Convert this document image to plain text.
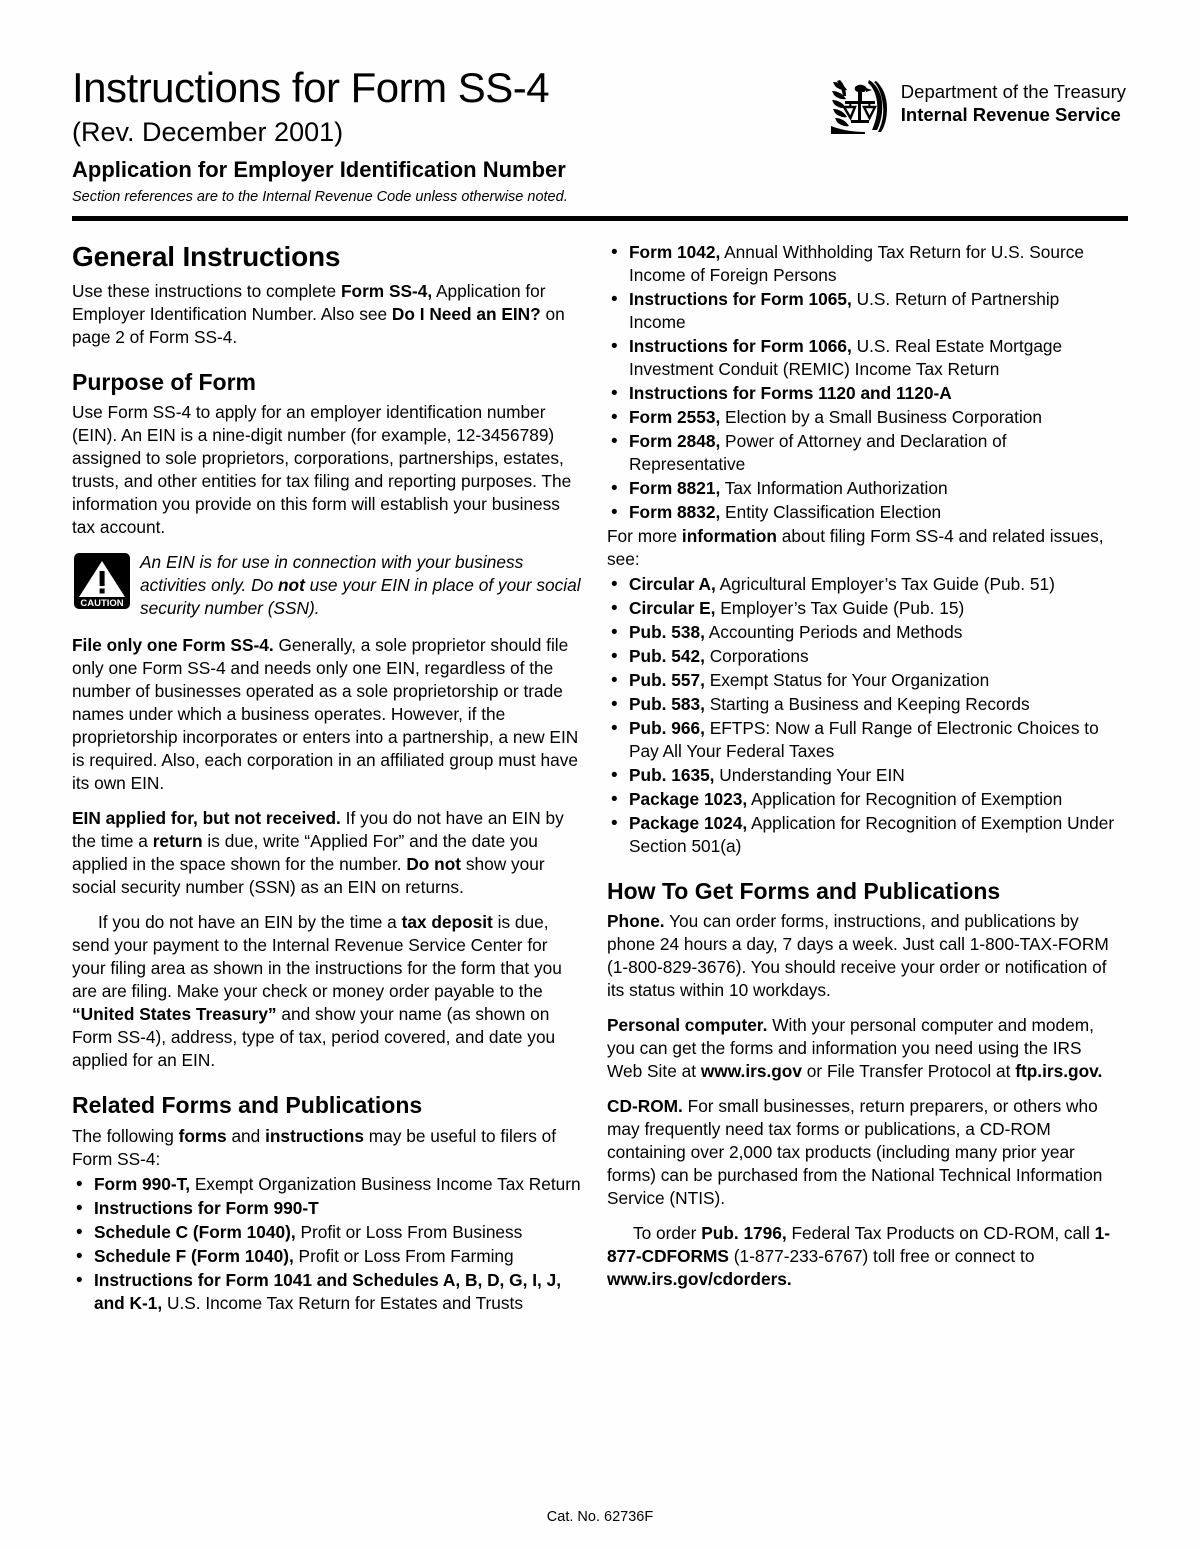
Instructions for Form SS-4
(Rev. December 2001)
Application for Employer Identification Number
Section references are to the Internal Revenue Code unless otherwise noted.
Department of the Treasury
Internal Revenue Service
General Instructions

Use these instructions to complete Form SS-4, Application for Employer Identification Number. Also see Do I Need an EIN? on page 2 of Form SS-4.

Purpose of Form

Use Form SS-4 to apply for an employer identification number (EIN). An EIN is a nine-digit number (for example, 12-3456789) assigned to sole proprietors, corporations, partnerships, estates, trusts, and other entities for tax filing and reporting purposes. The information you provide on this form will establish your business tax account.

CAUTION
An EIN is for use in connection with your business activities only. Do not use your EIN in place of your social security number (SSN).

File only one Form SS-4. Generally, a sole proprietor should file only one Form SS-4 and needs only one EIN, regardless of the number of businesses operated as a sole proprietorship or trade names under which a business operates. However, if the proprietorship incorporates or enters into a partnership, a new EIN is required. Also, each corporation in an affiliated group must have its own EIN.

EIN applied for, but not received. If you do not have an EIN by the time a return is due, write “Applied For” and the date you applied in the space shown for the number. Do not show your social security number (SSN) as an EIN on returns.

If you do not have an EIN by the time a tax deposit is due, send your payment to the Internal Revenue Service Center for your filing area as shown in the instructions for the form that you are are filing. Make your check or money order payable to the “United States Treasury” and show your name (as shown on Form SS-4), address, type of tax, period covered, and date you applied for an EIN.

Related Forms and Publications

The following forms and instructions may be useful to filers of Form SS-4:

• Form 990-T, Exempt Organization Business Income Tax Return
• Instructions for Form 990-T
• Schedule C (Form 1040), Profit or Loss From Business
• Schedule F (Form 1040), Profit or Loss From Farming
• Instructions for Form 1041 and Schedules A, B, D, G, I, J, and K-1, U.S. Income Tax Return for Estates and Trusts
• Form 1042, Annual Withholding Tax Return for U.S. Source Income of Foreign Persons
• Instructions for Form 1065, U.S. Return of Partnership Income
• Instructions for Form 1066, U.S. Real Estate Mortgage Investment Conduit (REMIC) Income Tax Return
• Instructions for Forms 1120 and 1120-A
• Form 2553, Election by a Small Business Corporation
• Form 2848, Power of Attorney and Declaration of Representative
• Form 8821, Tax Information Authorization
• Form 8832, Entity Classification Election

For more information about filing Form SS-4 and related issues, see:

• Circular A, Agricultural Employer’s Tax Guide (Pub. 51)
• Circular E, Employer’s Tax Guide (Pub. 15)
• Pub. 538, Accounting Periods and Methods
• Pub. 542, Corporations
• Pub. 557, Exempt Status for Your Organization
• Pub. 583, Starting a Business and Keeping Records
• Pub. 966, EFTPS: Now a Full Range of Electronic Choices to Pay All Your Federal Taxes
• Pub. 1635, Understanding Your EIN
• Package 1023, Application for Recognition of Exemption
• Package 1024, Application for Recognition of Exemption Under Section 501(a)
How To Get Forms and Publications

Phone. You can order forms, instructions, and publications by phone 24 hours a day, 7 days a week. Just call 1-800-TAX-FORM (1-800-829-3676). You should receive your order or notification of its status within 10 workdays.

Personal computer. With your personal computer and modem, you can get the forms and information you need using the IRS Web Site at www.irs.gov or File Transfer Protocol at ftp.irs.gov.

CD-ROM. For small businesses, return preparers, or others who may frequently need tax forms or publications, a CD-ROM containing over 2,000 tax products (including many prior year forms) can be purchased from the National Technical Information Service (NTIS).

To order Pub. 1796, Federal Tax Products on CD-ROM, call 1-877-CDFORMS (1-877-233-6767) toll free or connect to www.irs.gov/cdorders.

Cat. No. 62736F
